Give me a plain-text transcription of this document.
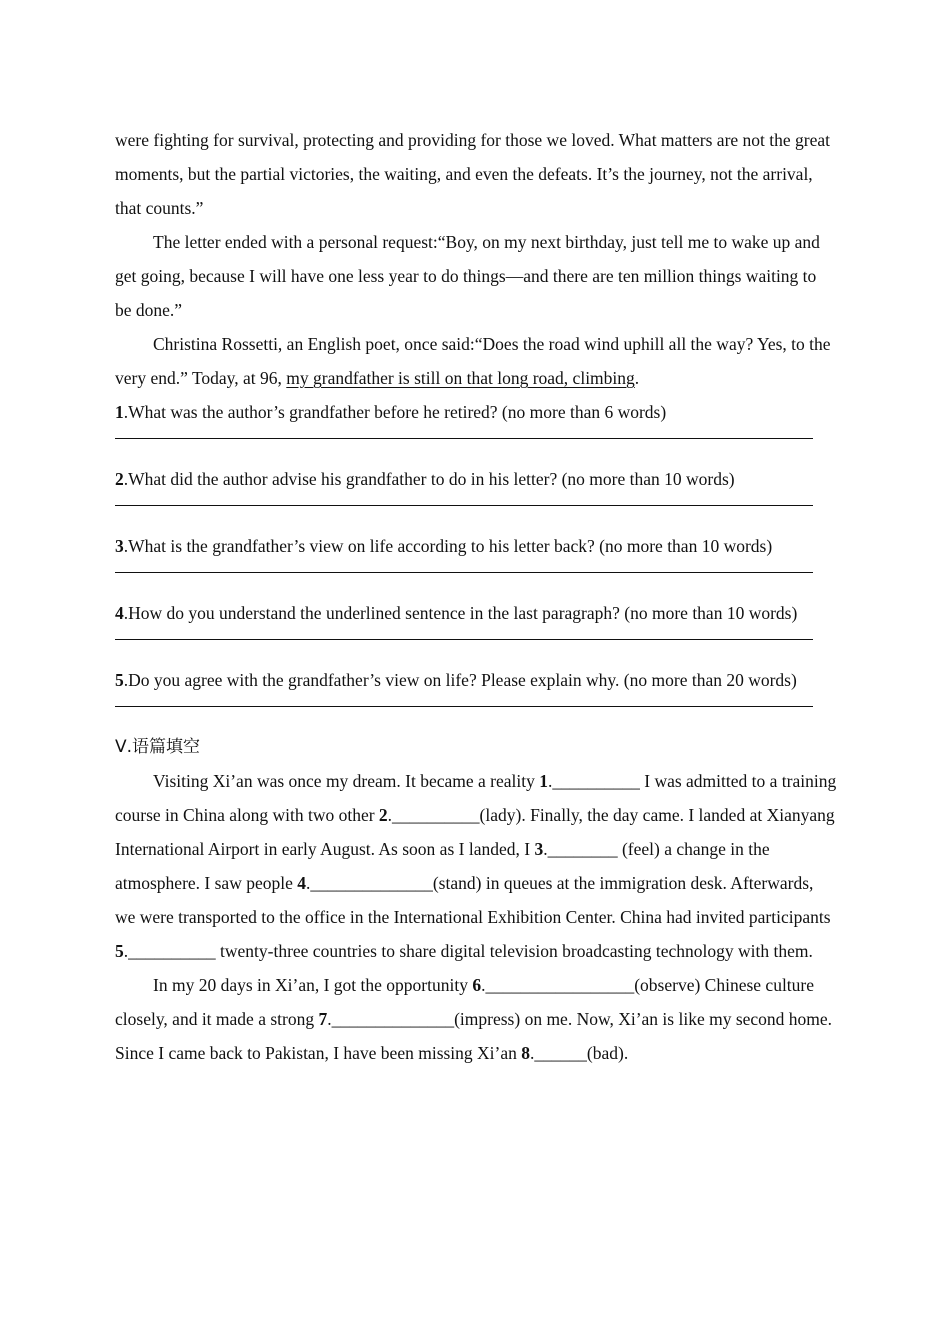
were fighting for survival, protecting and providing for those we loved. What matters are not the great moments, but the partial victories, the waiting, and even the defeats. It’s the journey, not the arrival, that counts.”

The letter ended with a personal request:“Boy, on my next birthday, just tell me to wake up and get going, because I will have one less year to do things—and there are ten million things waiting to be done.”

Christina Rossetti, an English poet, once said:“Does the road wind uphill all the way? Yes, to the very end.” Today, at 96, my grandfather is still on that long road, climbing.

1.What was the author’s grandfather before he retired? (no more than 6 words)

2.What did the author advise his grandfather to do in his letter? (no more than 10 words)

3.What is the grandfather’s view on life according to his letter back? (no more than 10 words)

4.How do you understand the underlined sentence in the last paragraph? (no more than 10 words)

5.Do you agree with the grandfather’s view on life? Please explain why. (no more than 20 words)

Ⅴ.语篇填空

Visiting Xi’an was once my dream. It became a reality 1.__________ I was admitted to a training course in China along with two other 2.__________(lady). Finally, the day came. I landed at Xianyang International Airport in early August. As soon as I landed, I 3.________ (feel) a change in the atmosphere. I saw people 4.______________(stand) in queues at the immigration desk. Afterwards, we were transported to the office in the International Exhibition Center. China had invited participants 5.__________ twenty-three countries to share digital television broadcasting technology with them.

In my 20 days in Xi’an, I got the opportunity 6._________________(observe) Chinese culture closely, and it made a strong 7.______________(impress) on me. Now, Xi’an is like my second home. Since I came back to Pakistan, I have been missing Xi’an 8.______(bad).
